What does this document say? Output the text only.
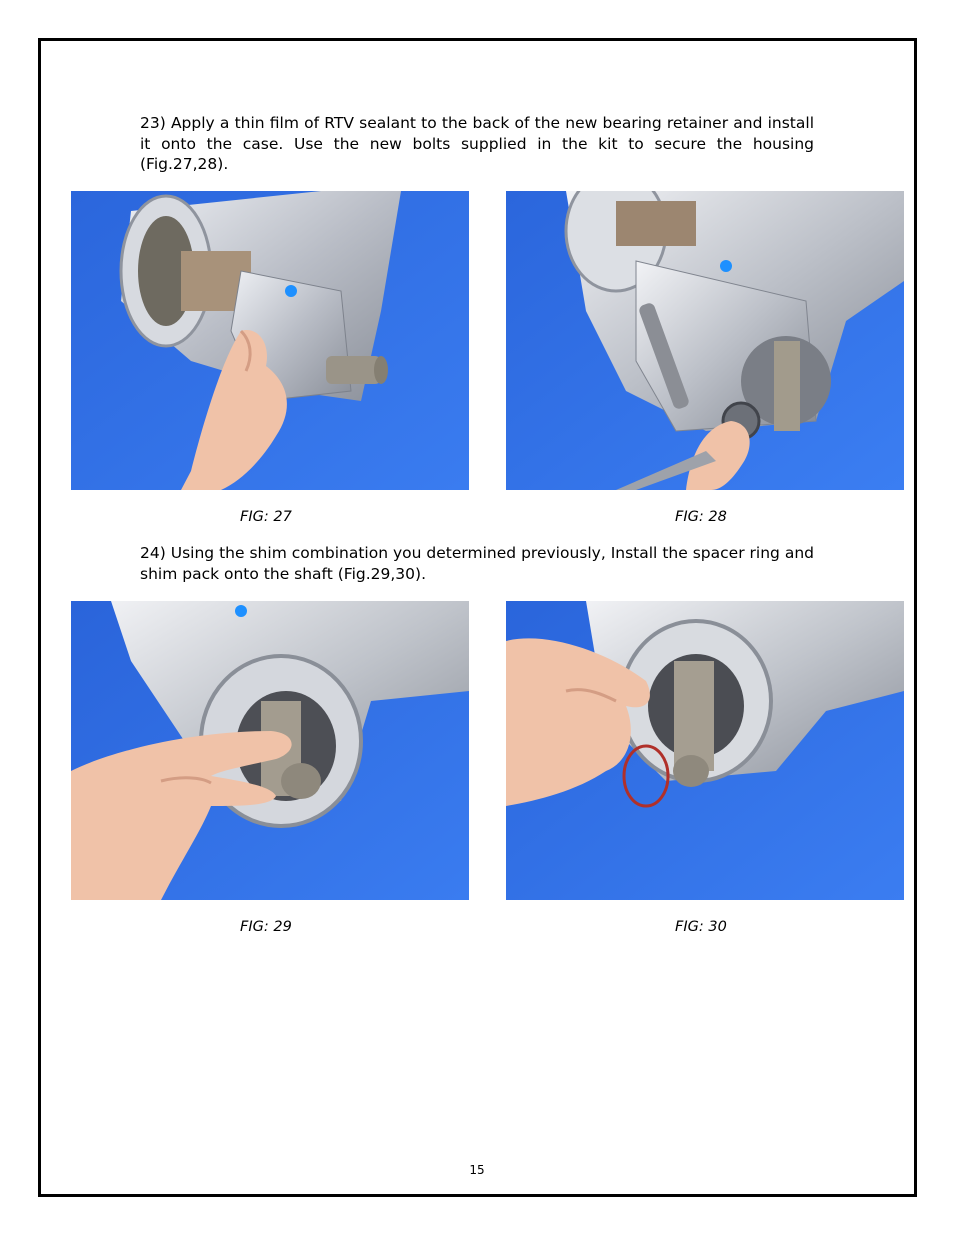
23) Apply a thin film of RTV sealant to the back of the new bearing retainer and install it onto the case. Use the new bolts supplied in the kit to secure the housing (Fig.27,28).

FIG: 27	FIG: 28

24) Using the shim combination you determined previously, Install the spacer ring and shim pack onto the shaft (Fig.29,30).

FIG: 29	FIG: 30
15
